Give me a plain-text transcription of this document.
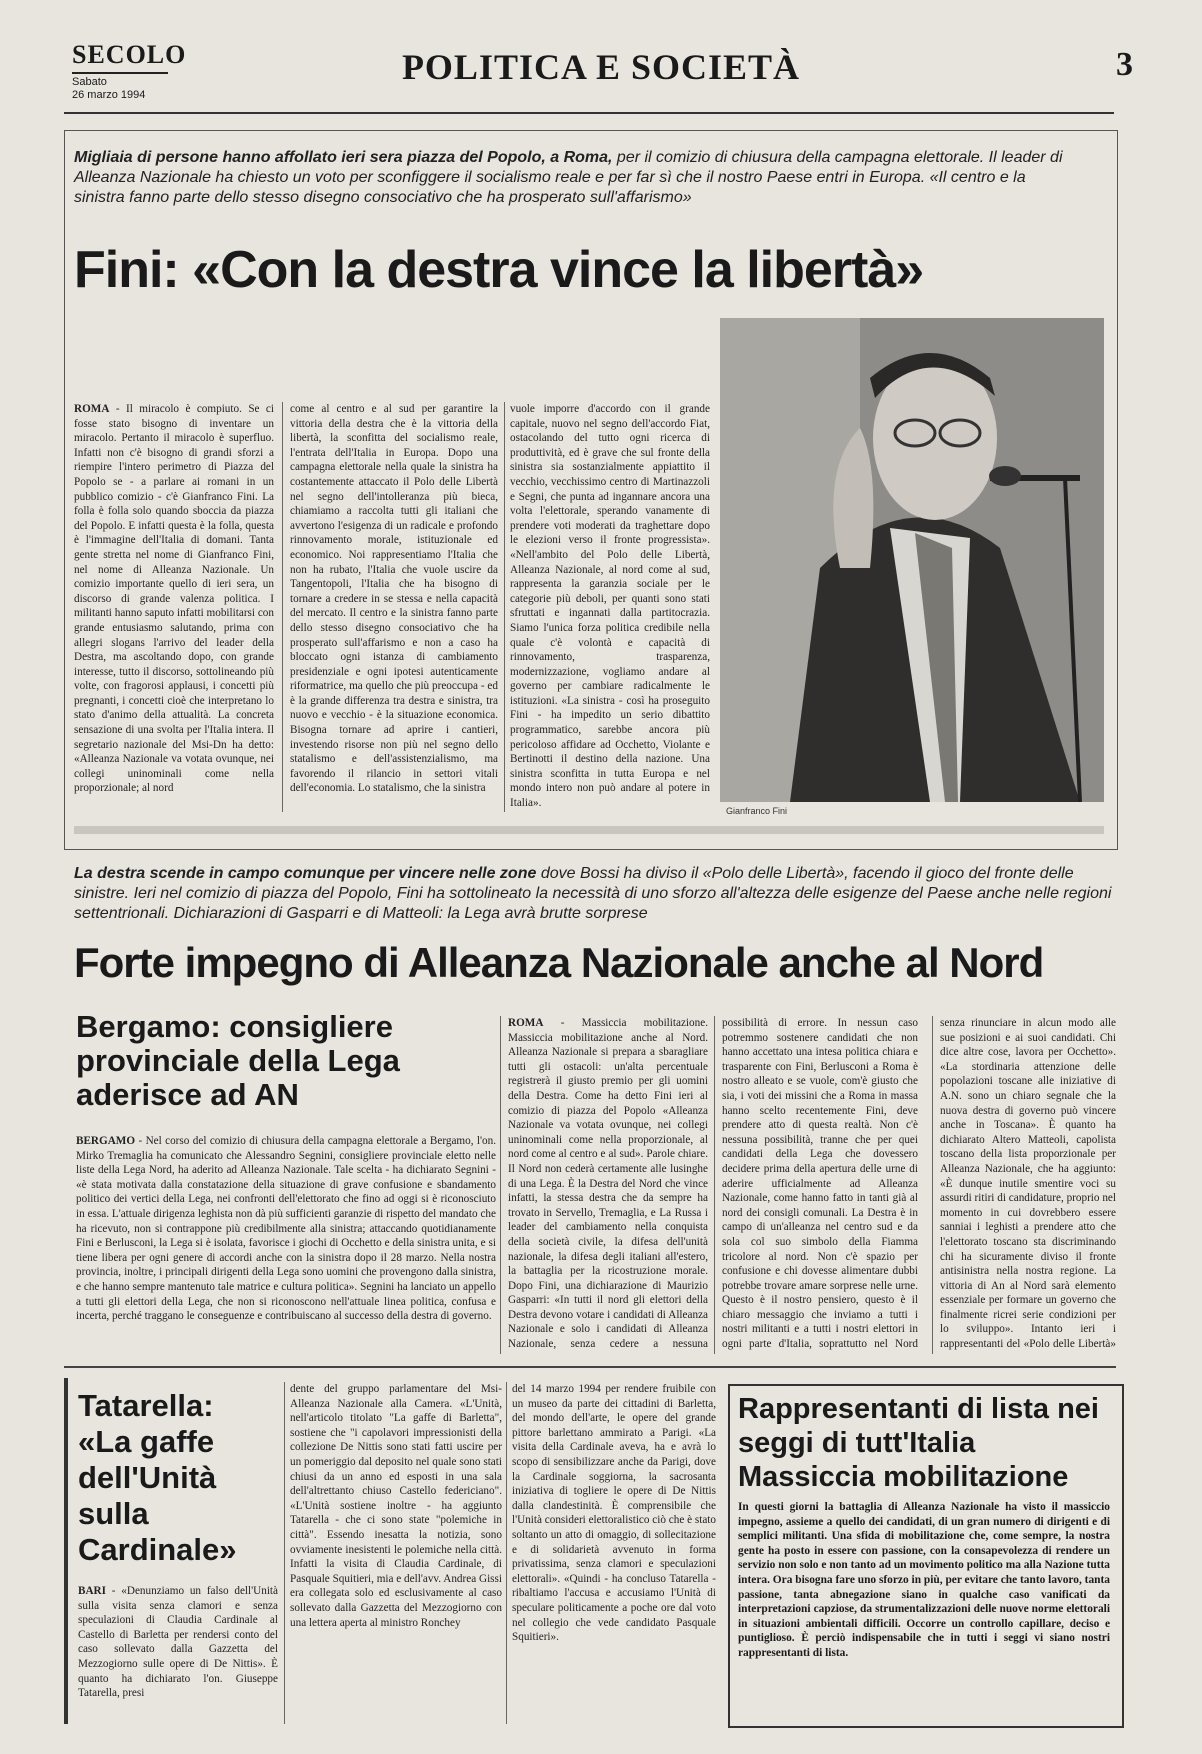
SECOLO
Sabato
26 marzo 1994
POLITICA E SOCIETÀ	3
Migliaia di persone hanno affollato ieri sera piazza del Popolo, a Roma, per il comizio di chiusura della campagna elettorale. Il leader di Alleanza Nazionale ha chiesto un voto per sconfiggere il socialismo reale e per far sì che il nostro Paese entri in Europa. «Il centro e la sinistra fanno parte dello stesso disegno consociativo che ha prosperato sull'affarismo»
Fini: «Con la destra vince la libertà»

ROMA - Il miracolo è compiuto. Se ci fosse stato bisogno di inventare un miracolo. Pertanto il miracolo è superfluo. Infatti non c'è bisogno di grandi sforzi a riempire l'intero perimetro di Piazza del Popolo se - a parlare ai romani in un pubblico comizio - c'è Gianfranco Fini. La folla è folla solo quando sboccia da piazza del Popolo. E infatti questa è la folla, questa è l'immagine dell'Italia di domani. Tanta gente stretta nel nome di Gianfranco Fini, nel nome di Alleanza Nazionale. Un comizio importante quello di ieri sera, un discorso di grande valenza politica. I militanti hanno saputo infatti mobilitarsi con grande entusiasmo salutando, prima con allegri slogans l'arrivo del leader della Destra, ma ascoltando dopo, con grande interesse, tutto il discorso, sottolineando più volte, con fragorosi applausi, i concetti più pregnanti, i concetti cioè che interpretano lo stato d'animo della attualità. La concreta sensazione di una svolta per l'Italia intera. Il segretario nazionale del Msi-Dn ha detto: «Alleanza Nazionale va votata ovunque, nei collegi uninominali come nella proporzionale; al nord

come al centro e al sud per garantire la vittoria della destra che è la vittoria della libertà, la sconfitta del socialismo reale, l'entrata dell'Italia in Europa. Dopo una campagna elettorale nella quale la sinistra ha costantemente attaccato il Polo delle Libertà nel segno dell'intolleranza più bieca, chiamiamo a raccolta tutti gli italiani che avvertono l'esigenza di un radicale e profondo rinnovamento morale, istituzionale ed economico. Noi rappresentiamo l'Italia che non ha rubato, l'Italia che vuole uscire da Tangentopoli, l'Italia che ha bisogno di tornare a credere in se stessa e nella capacità del mercato. Il centro e la sinistra fanno parte dello stesso disegno consociativo che ha prosperato sull'affarismo e non a caso ha bloccato ogni istanza di cambiamento presidenziale e ogni ipotesi autenticamente riformatrice, ma quello che più preoccupa - ed è la grande differenza tra destra e sinistra, tra nuovo e vecchio - è la situazione economica. Bisogna tornare ad aprire i cantieri, investendo risorse non più nel segno dello statalismo e dell'assistenzialismo, ma favorendo il rilancio in settori vitali dell'economia. Lo statalismo, che la sinistra

vuole imporre d'accordo con il grande capitale, nuovo nel segno dell'accordo Fiat, ostacolando del tutto ogni ricerca di produttività, ed è grave che sul fronte della sinistra sia sostanzialmente appiattito il vecchio, vecchissimo centro di Martinazzoli e Segni, che punta ad ingannare ancora una volta l'elettorale, sperando vanamente di prendere voti moderati da traghettare dopo le elezioni verso il fronte progressista». «Nell'ambito del Polo delle Libertà, Alleanza Nazionale, al nord come al sud, rappresenta la garanzia sociale per le categorie più deboli, per quanti sono stati sfruttati e ingannati dalla partitocrazia. Siamo l'unica forza politica credibile nella quale c'è volontà e capacità di rinnovamento, trasparenza, modernizzazione, vogliamo andare al governo per cambiare radicalmente le istituzioni. «La sinistra - così ha proseguito Fini - ha impedito un serio dibattito programmatico, sarebbe ancora più pericoloso affidare ad Occhetto, Violante e Bertinotti il destino della nazione. Una sinistra sconfitta in tutta Europa e nel mondo intero non può andare al potere in Italia».

Gianfranco Fini
La destra scende in campo comunque per vincere nelle zone dove Bossi ha diviso il «Polo delle Libertà», facendo il gioco del fronte delle sinistre. Ieri nel comizio di piazza del Popolo, Fini ha sottolineato la necessità di uno sforzo all'altezza delle esigenze del Paese anche nelle regioni settentrionali. Dichiarazioni di Gasparri e di Matteoli: la Lega avrà brutte sorprese
Forte impegno di Alleanza Nazionale anche al Nord
Bergamo: consigliere provinciale della Lega aderisce ad AN

BERGAMO - Nel corso del comizio di chiusura della campagna elettorale a Bergamo, l'on. Mirko Tremaglia ha comunicato che Alessandro Segnini, consigliere provinciale eletto nelle liste della Lega Nord, ha aderito ad Alleanza Nazionale. Tale scelta - ha dichiarato Segnini - «è stata motivata dalla constatazione della situazione di grave confusione e sbandamento politico dei vertici della Lega, nei confronti dell'elettorato che fino ad oggi si è riconosciuto in essa. L'attuale dirigenza leghista non dà più sufficienti garanzie di rispetto del mandato che ha ricevuto, non si contrappone più credibilmente alla sinistra; attaccando quotidianamente Fini e Berlusconi, la Lega si è isolata, favorisce i giochi di Occhetto e della sinistra unita, e si tiene libera per ogni genere di accordi anche con la sinistra dopo il 28 marzo. Nella nostra provincia, inoltre, i principali dirigenti della Lega sono uomini che provengono dalla sinistra, e che hanno sempre mantenuto tale matrice e cultura politica». Segnini ha lanciato un appello a tutti gli elettori della Lega, che non si riconoscono nell'attuale linea politica, confusa e incerta, perché traggano le conseguenze e contribuiscano al successo della destra di governo.

ROMA - Massiccia mobilitazione. Massiccia mobilitazione anche al Nord. Alleanza Nazionale si prepara a sbaragliare tutti gli ostacoli: un'alta percentuale registrerà il giusto premio per gli uomini della Destra. Come ha detto Fini ieri al comizio di piazza del Popolo «Alleanza Nazionale va votata ovunque, nei collegi uninominali come nella proporzionale, al nord come al centro e al sud». Parole chiare. Il Nord non cederà certamente alle lusinghe di una Lega. È la Destra del Nord che vince infatti, la stessa destra che da sempre ha trovato in Servello, Tremaglia, e La Russa i leader del cambiamento nella conquista della società civile, la difesa dell'unità nazionale, la difesa degli italiani all'estero, la battaglia per la ricostruzione morale. Dopo Fini, una dichiarazione di Maurizio Gasparri: «In tutti il nord gli elettori della Destra devono votare i candidati di Alleanza Nazionale e solo i candidati di Alleanza Nazionale, senza cedere a nessuna

possibilità di errore. In nessun caso potremmo sostenere candidati che non hanno accettato una intesa politica chiara e trasparente con Fini, Berlusconi a Roma è nostro alleato e se vuole, com'è giusto che sia, i voti dei missini che a Roma in massa hanno scelto recentemente Fini, deve prendere atto di questa realtà. Non c'è nessuna possibilità, tranne che per quei candidati della Lega che dovessero decidere prima della apertura delle urne di aderire ufficialmente ad Alleanza Nazionale, come hanno fatto in tanti già al nord dei consigli comunali. La Destra è in campo di un'alleanza nel centro sud e da sola col suo simbolo della Fiamma tricolore al nord. Non c'è spazio per confusione e chi dovesse alimentare dubbi potrebbe trovare amare sorprese nelle urne. Questo è il nostro pensiero, questo è il chiaro messaggio che inviamo a tutti i nostri militanti e a tutti i nostri elettori in ogni parte d'Italia, soprattutto nel Nord

senza rinunciare in alcun modo alle sue posizioni e ai suoi candidati. Chi dice altre cose, lavora per Occhetto». «La stordinaria attenzione delle popolazioni toscane alle iniziative di A.N. sono un chiaro segnale che la nuova destra di governo può vincere anche in Toscana». È quanto ha dichiarato Altero Matteoli, capolista toscano della lista proporzionale per Alleanza Nazionale, che ha aggiunto: «È dunque inutile smentire voci su assurdi ritiri di candidature, proprio nel momento in cui dovrebbero essere sanniai i leghisti a prendere atto che l'elettorato toscano sta discriminando chi ha sicuramente diviso il fronte antisinistra nella nostra regione. La vittoria di An al Nord sarà elemento essenziale per formare un governo che finalmente ricrei serie condizioni per lo sviluppo». Intanto ieri i rappresentanti del «Polo delle Libertà»

Tatarella: «La gaffe dell'Unità sulla Cardinale»

BARI - «Denunziamo un falso dell'Unità sulla visita senza clamori e senza speculazioni di Claudia Cardinale al Castello di Barletta per rendersi conto del caso sollevato dalla Gazzetta del Mezzogiorno sulle opere di De Nittis». È quanto ha dichiarato l'on. Giuseppe Tatarella, presi

dente del gruppo parlamentare del Msi-Alleanza Nazionale alla Camera. «L'Unità, nell'articolo titolato "La gaffe di Barletta", sostiene che "i capolavori impressionisti della collezione De Nittis sono stati fatti uscire per un pomeriggio dal deposito nel quale sono stati chiusi da un anno ed esposti in una sala dell'altrettanto chiuso Castello federiciano". «L'Unità sostiene inoltre - ha aggiunto Tatarella - che ci sono state "polemiche in città". Essendo inesatta la notizia, sono ovviamente inesistenti le polemiche nella città. Infatti la visita di Claudia Cardinale, di Pasquale Squitieri, mia e dell'avv. Andrea Gissi era collegata solo ed esclusivamente al caso sollevato dalla Gazzetta del Mezzogiorno con una lettera aperta al ministro Ronchey

del 14 marzo 1994 per rendere fruibile con un museo da parte dei cittadini di Barletta, del mondo dell'arte, le opere del grande pittore barlettano ammirato a Parigi. «La visita della Cardinale aveva, ha e avrà lo scopo di sensibilizzare anche da Parigi, dove la Cardinale soggiorna, la sacrosanta iniziativa di togliere le opere di De Nittis dalla clandestinità. È comprensibile che l'Unità consideri elettoralistico ciò che è stato soltanto un atto di omaggio, di sollecitazione e di solidarietà avvenuto in forma privatissima, senza clamori e speculazioni elettorali». «Quindi - ha concluso Tatarella - ribaltiamo l'accusa e accusiamo l'Unità di speculare politicamente a poche ore dal voto nel collegio che vede candidato Pasquale Squitieri».

Rappresentanti di lista nei seggi di tutt'Italia Massiccia mobilitazione
In questi giorni la battaglia di Alleanza Nazionale ha visto il massiccio impegno, assieme a quello dei candidati, di un gran numero di dirigenti e di semplici militanti. Una sfida di mobilitazione che, come sempre, la nostra gente ha posto in essere con passione, con la consapevolezza di rendere un servizio non solo e non tanto ad un movimento politico ma alla Nazione tutta intera. Ora bisogna fare uno sforzo in più, per evitare che tanto lavoro, tanta passione, tanta abnegazione siano in qualche caso vanificati da interpretazioni capziose, da strumentalizzazioni delle nuove norme elettorali in situazioni ambientali difficili. Occorre un controllo capillare, deciso e puntiglioso. È perciò indispensabile che in tutti i seggi vi siano nostri rappresentanti di lista.
